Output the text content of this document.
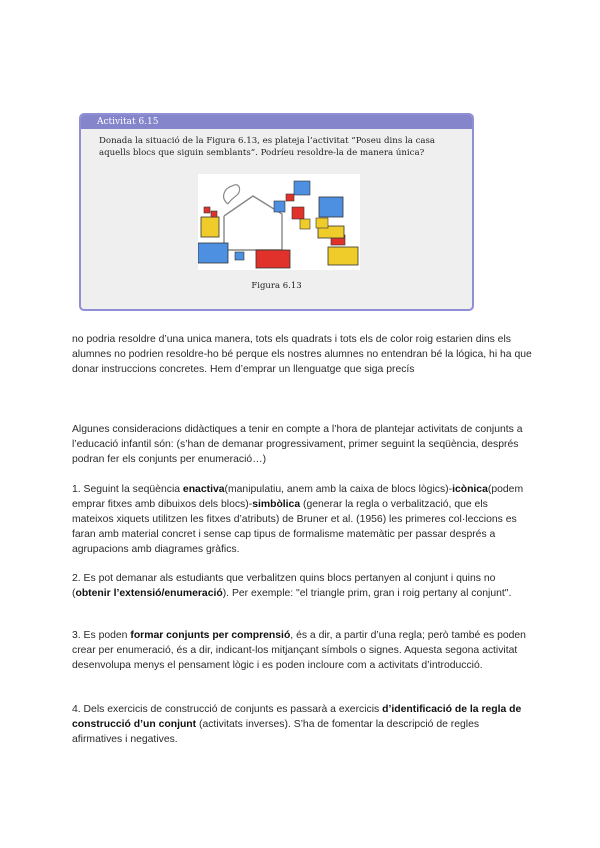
Activitat 6.15
Donada la situació de la Figura 6.13, es plateja l’activitat “Poseu dins la casa aquells blocs que siguin semblants”. Podríeu resoldre-la de manera única?
Figura 6.13

no podria resoldre d’una unica manera, tots els quadrats i tots els de color roig estarien dins els alumnes no podrien resoldre-ho bé perque els nostres alumnes no entendran bé la lógica, hi ha que donar instruccions concretes. Hem d’emprar un llenguatge que siga precís

Algunes consideracions didàctiques a tenir en compte a l’hora de plantejar activitats de conjunts a l’educació infantil són: (s’han de demanar progressivament, primer seguint la seqüència, després podran fer els conjunts per enumeració…)

1. Seguint la seqüència enactiva(manipulatiu, anem amb la caixa de blocs lògics)-icònica(podem emprar fitxes amb dibuixos dels blocs)-simbòlica (generar la regla o verbalització, que els mateixos xiquets utilitzen les fitxes d’atributs) de Bruner et al. (1956) les primeres col·leccions es faran amb material concret i sense cap tipus de formalisme matemàtic per passar després a agrupacions amb diagrames gràfics.

2. Es pot demanar als estudiants que verbalitzen quins blocs pertanyen al conjunt i quins no (obtenir l’extensió/enumeració). Per exemple: "el triangle prim, gran i roig pertany al conjunt".

3. Es poden formar conjunts per comprensió, és a dir, a partir d’una regla; però també es poden crear per enumeració, és a dir, indicant-los mitjançant símbols o signes. Aquesta segona activitat desenvolupa menys el pensament lògic i es poden incloure com a activitats d’introducció.

4. Dels exercicis de construcció de conjunts es passarà a exercicis d’identificació de la regla de construcció d’un conjunt (activitats inverses). S’ha de fomentar la descripció de regles afirmatives i negatives.
